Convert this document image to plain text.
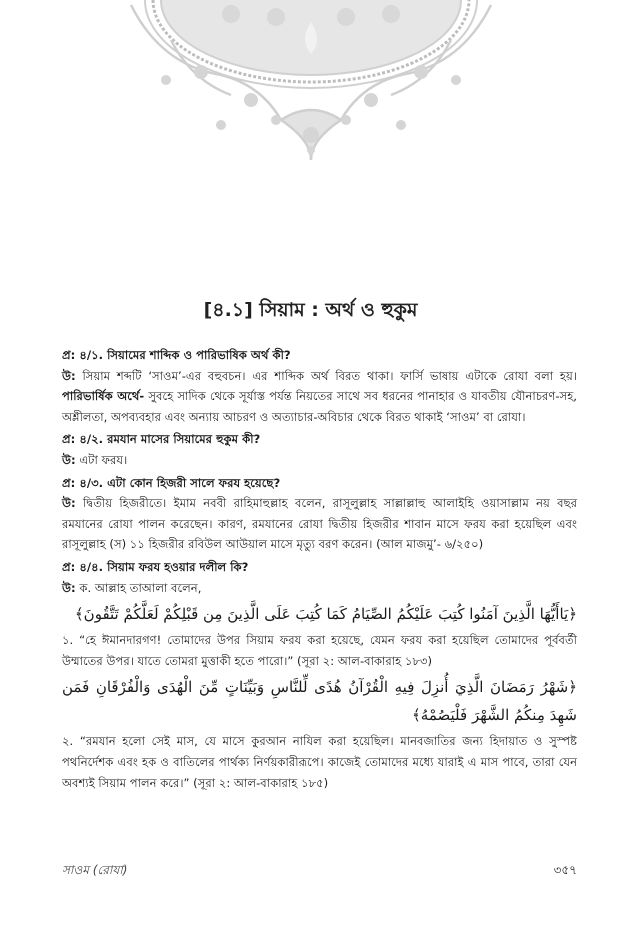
[৪.১] সিয়াম : অর্থ ও হুকুম

প্র: ৪/১. সিয়ামের শাব্দিক ও পারিভাষিক অর্থ কী?

উ: সিয়াম শব্দটি ‘সাওম’-এর বহুবচন। এর শাব্দিক অর্থ বিরত থাকা। ফার্সি ভাষায় এটাকে রোযা বলা হয়। পারিভার্ষিক অর্থে- সুবহে সাদিক থেকে সূর্যাস্ত পর্যন্ত নিয়তের সাথে সব ধরনের পানাহার ও যাবতীয় যৌনাচরণ-সহ, অশ্লীলতা, অপব্যবহার এবং অন্যায় আচরণ ও অত্যাচার-অবিচার থেকে বিরত থাকাই ‘সাওম’ বা রোযা।

প্র: ৪/২. রমযান মাসের সিয়ামের হুকুম কী?

উ: এটা ফরয।

প্র: ৪/৩. এটা কোন হিজরী সালে ফরয হয়েছে?

উ: দ্বিতীয় হিজরীতে। ইমাম নববী রাহিমাহুল্লাহ বলেন, রাসূলুল্লাহ সাল্লাল্লাহু আলাইহি ওয়াসাল্লাম নয় বছর রমযানের রোযা পালন করেছেন। কারণ, রমযানের রোযা দ্বিতীয় হিজরীর শাবান মাসে ফরয করা হয়েছিল এবং রাসূলুল্লাহ (স) ১১ হিজরীর রবিউল আউয়াল মাসে মৃত্যু বরণ করেন। (আল মাজমু’- ৬/২৫০)

প্র: ৪/৪. সিয়াম ফরয হওয়ার দলীল কি?

উ: ক. আল্লাহ তাআলা বলেন,

﴿يَاأَيُّهَا الَّذِينَ آمَنُوا كُتِبَ عَلَيْكُمُ الصِّيَامُ كَمَا كُتِبَ عَلَى الَّذِينَ مِن قَبْلِكُمْ لَعَلَّكُمْ تَتَّقُونَ﴾

১. “হে ঈমানদারগণ! তোমাদের উপর সিয়াম ফরয করা হয়েছে, যেমন ফরয করা হয়েছিল তোমাদের পূর্ববর্তী উম্মাতের উপর। যাতে তোমরা মুত্তাকী হতে পারো।” (সূরা ২: আল-বাকারাহ ১৮৩)

﴿شَهْرُ رَمَضَانَ الَّذِيَ أُنزِلَ فِيهِ الْقُرْآنُ هُدًى لِّلنَّاسِ وَبَيِّنَاتٍ مِّنَ الْهُدَى وَالْفُرْقَانِ فَمَن شَهِدَ مِنكُمُ الشَّهْرَ فَلْيَصُمْهُ﴾

২. “রমযান হলো সেই মাস, যে মাসে কুরআন নাযিল করা হয়েছিল। মানবজাতির জন্য হিদায়াত ও সুস্পষ্ট পথনির্দেশক এবং হক ও বাতিলের পার্থক্য নির্ণয়কারীরূপে। কাজেই তোমাদের মধ্যে যারাই এ মাস পাবে, তারা যেন অবশ্যই সিয়াম পালন করে।” (সূরা ২: আল-বাকারাহ ১৮৫)

সাওম (রোযা)	৩৫৭
